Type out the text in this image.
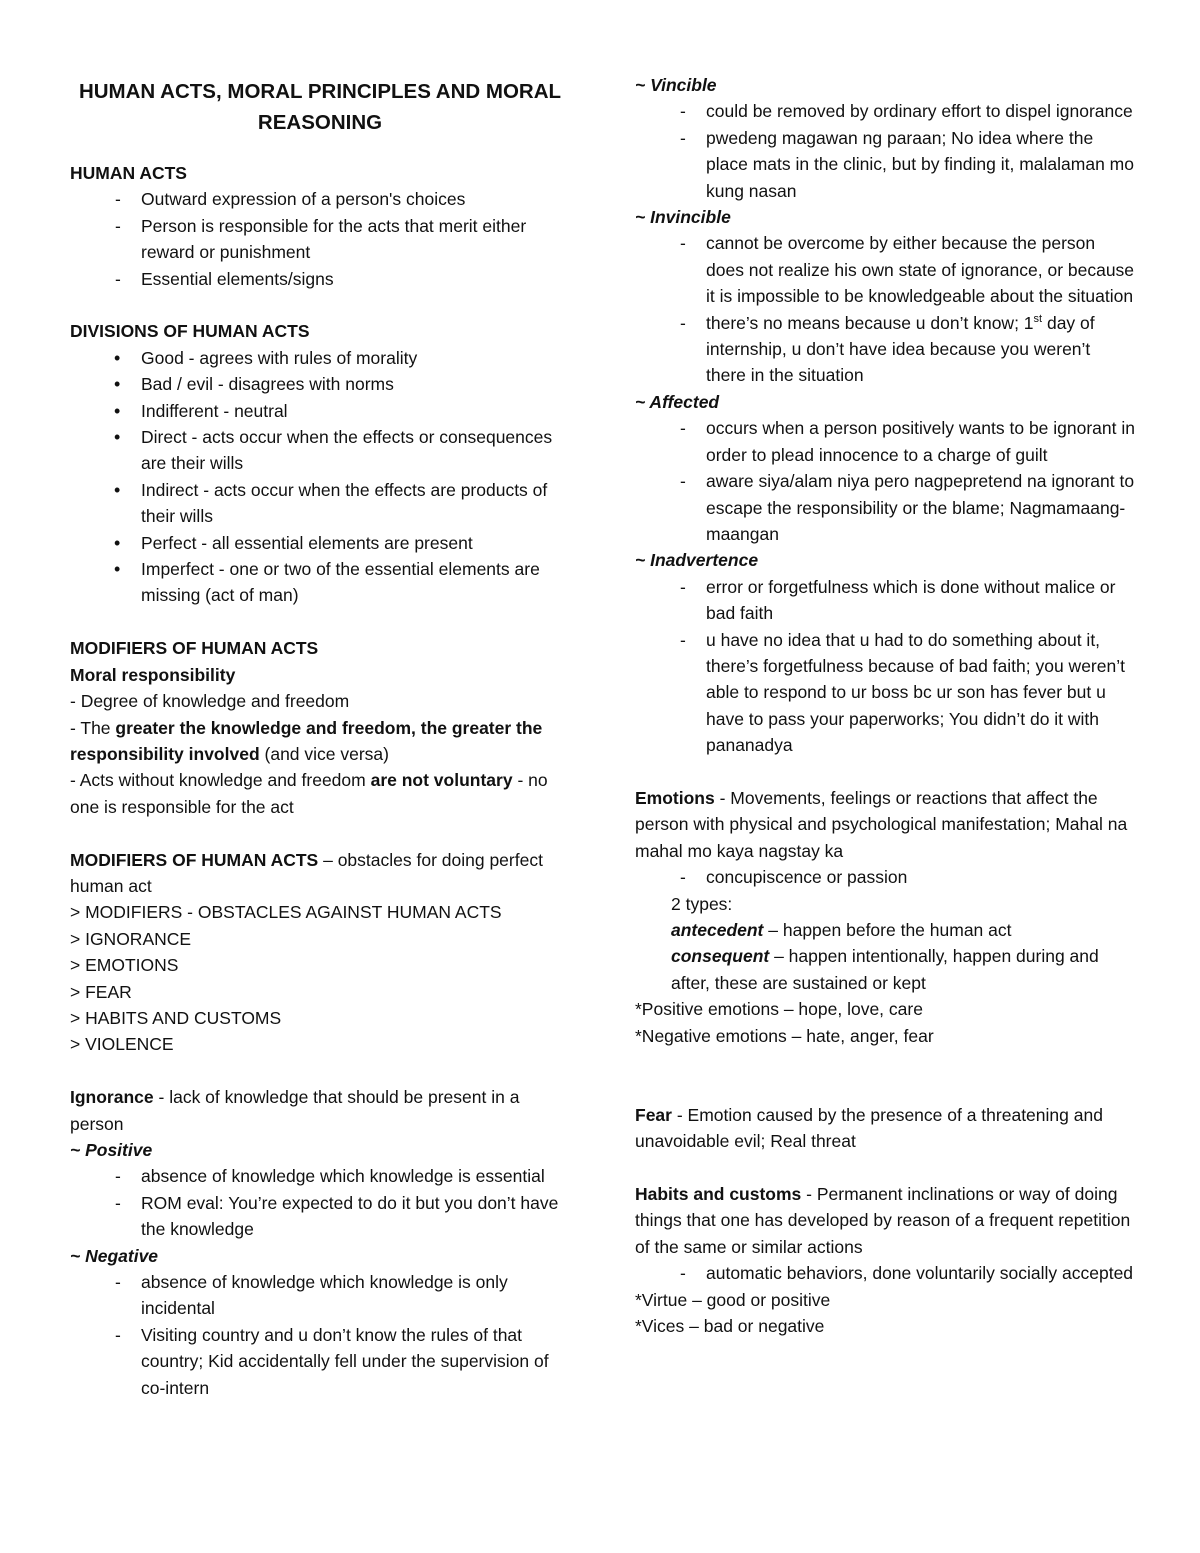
HUMAN ACTS, MORAL PRINCIPLES AND MORAL REASONING
HUMAN ACTS
- Outward expression of a person's choices
- Person is responsible for the acts that merit either reward or punishment
- Essential elements/signs
DIVISIONS OF HUMAN ACTS
• Good - agrees with rules of morality
• Bad / evil - disagrees with norms
• Indifferent - neutral
• Direct - acts occur when the effects or consequences are their wills
• Indirect - acts occur when the effects are products of their wills
• Perfect - all essential elements are present
• Imperfect - one or two of the essential elements are missing (act of man)
MODIFIERS OF HUMAN ACTS
Moral responsibility
- Degree of knowledge and freedom
- The greater the knowledge and freedom, the greater the responsibility involved (and vice versa)
- Acts without knowledge and freedom are not voluntary - no one is responsible for the act
MODIFIERS OF HUMAN ACTS – obstacles for doing perfect human act
> MODIFIERS - OBSTACLES AGAINST HUMAN ACTS
> IGNORANCE
> EMOTIONS
> FEAR
> HABITS AND CUSTOMS
> VIOLENCE
Ignorance - lack of knowledge that should be present in a person
~ Positive
- absence of knowledge which knowledge is essential
- ROM eval: You’re expected to do it but you don’t have the knowledge
~ Negative
- absence of knowledge which knowledge is only incidental
- Visiting country and u don’t know the rules of that country; Kid accidentally fell under the supervision of co-intern
~ Vincible
- could be removed by ordinary effort to dispel ignorance
- pwedeng magawan ng paraan; No idea where the place mats in the clinic, but by finding it, malalaman mo kung nasan
~ Invincible
- cannot be overcome by either because the person does not realize his own state of ignorance, or because it is impossible to be knowledgeable about the situation
- there’s no means because u don’t know; 1st day of internship, u don’t have idea because you weren’t there in the situation
~ Affected
- occurs when a person positively wants to be ignorant in order to plead innocence to a charge of guilt
- aware siya/alam niya pero nagpepretend na ignorant to escape the responsibility or the blame; Nagmamaang-maangan
~ Inadvertence
- error or forgetfulness which is done without malice or bad faith
- u have no idea that u had to do something about it, there’s forgetfulness because of bad faith; you weren’t able to respond to ur boss bc ur son has fever but u have to pass your paperworks; You didn’t do it with pananadya
Emotions - Movements, feelings or reactions that affect the person with physical and psychological manifestation; Mahal na mahal mo kaya nagstay ka
- concupiscence or passion
2 types:
antecedent – happen before the human act
consequent – happen intentionally, happen during and after, these are sustained or kept
*Positive emotions – hope, love, care
*Negative emotions – hate, anger, fear
Fear - Emotion caused by the presence of a threatening and unavoidable evil; Real threat
Habits and customs - Permanent inclinations or way of doing things that one has developed by reason of a frequent repetition of the same or similar actions
- automatic behaviors, done voluntarily socially accepted
*Virtue – good or positive
*Vices – bad or negative
